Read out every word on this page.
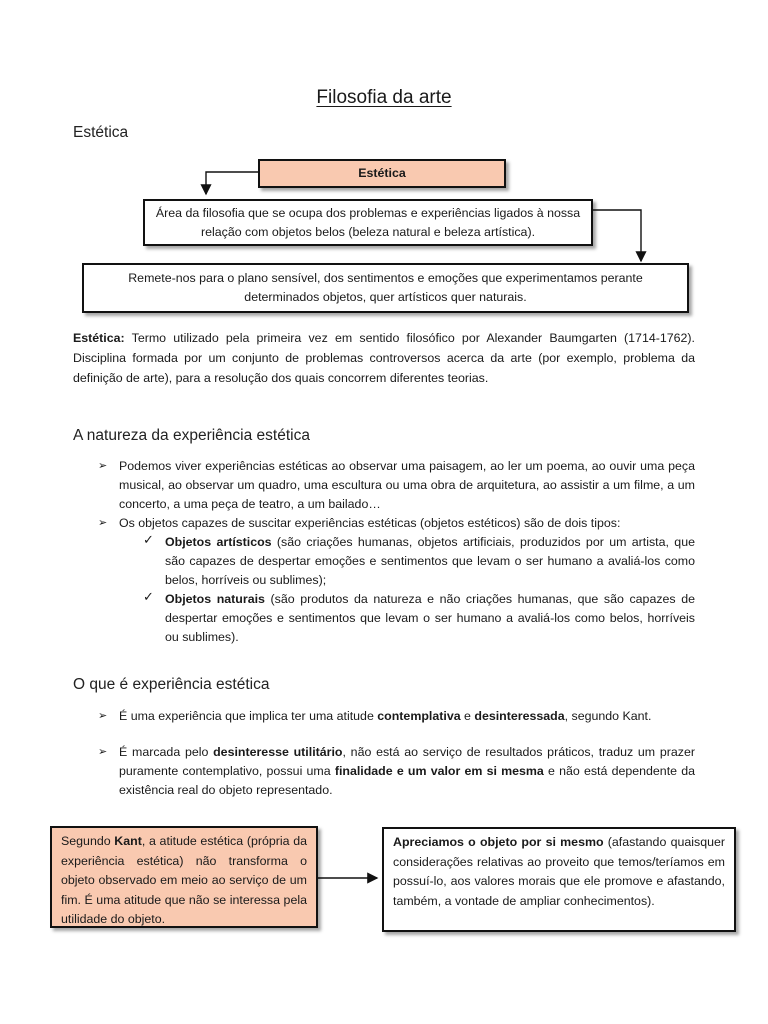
Filosofia da arte
Estética
Estética
Área da filosofia que se ocupa dos problemas e experiências ligados à nossa relação com objetos belos (beleza natural e beleza artística).
Remete-nos para o plano sensível, dos sentimentos e emoções que experimentamos perante determinados objetos, quer artísticos quer naturais.
Estética: Termo utilizado pela primeira vez em sentido filosófico por Alexander Baumgarten (1714-1762). Disciplina formada por um conjunto de problemas controversos acerca da arte (por exemplo, problema da definição de arte), para a resolução dos quais concorrem diferentes teorias.
A natureza da experiência estética
➢ Podemos viver experiências estéticas ao observar uma paisagem, ao ler um poema, ao ouvir uma peça musical, ao observar um quadro, uma escultura ou uma obra de arquitetura, ao assistir a um filme, a um concerto, a uma peça de teatro, a um bailado…
➢ Os objetos capazes de suscitar experiências estéticas (objetos estéticos) são de dois tipos:
✓ Objetos artísticos (são criações humanas, objetos artificiais, produzidos por um artista, que são capazes de despertar emoções e sentimentos que levam o ser humano a avaliá-los como belos, horríveis ou sublimes);
✓ Objetos naturais (são produtos da natureza e não criações humanas, que são capazes de despertar emoções e sentimentos que levam o ser humano a avaliá-los como belos, horríveis ou sublimes).
O que é experiência estética
➢ É uma experiência que implica ter uma atitude contemplativa e desinteressada, segundo Kant.
➢ É marcada pelo desinteresse utilitário, não está ao serviço de resultados práticos, traduz um prazer puramente contemplativo, possui uma finalidade e um valor em si mesma e não está dependente da existência real do objeto representado.
Segundo Kant, a atitude estética (própria da experiência estética) não transforma o objeto observado em meio ao serviço de um fim. É uma atitude que não se interessa pela utilidade do objeto.
Apreciamos o objeto por si mesmo (afastando quaisquer considerações relativas ao proveito que temos/teríamos em possuí-lo, aos valores morais que ele promove e afastando, também, a vontade de ampliar conhecimentos).
